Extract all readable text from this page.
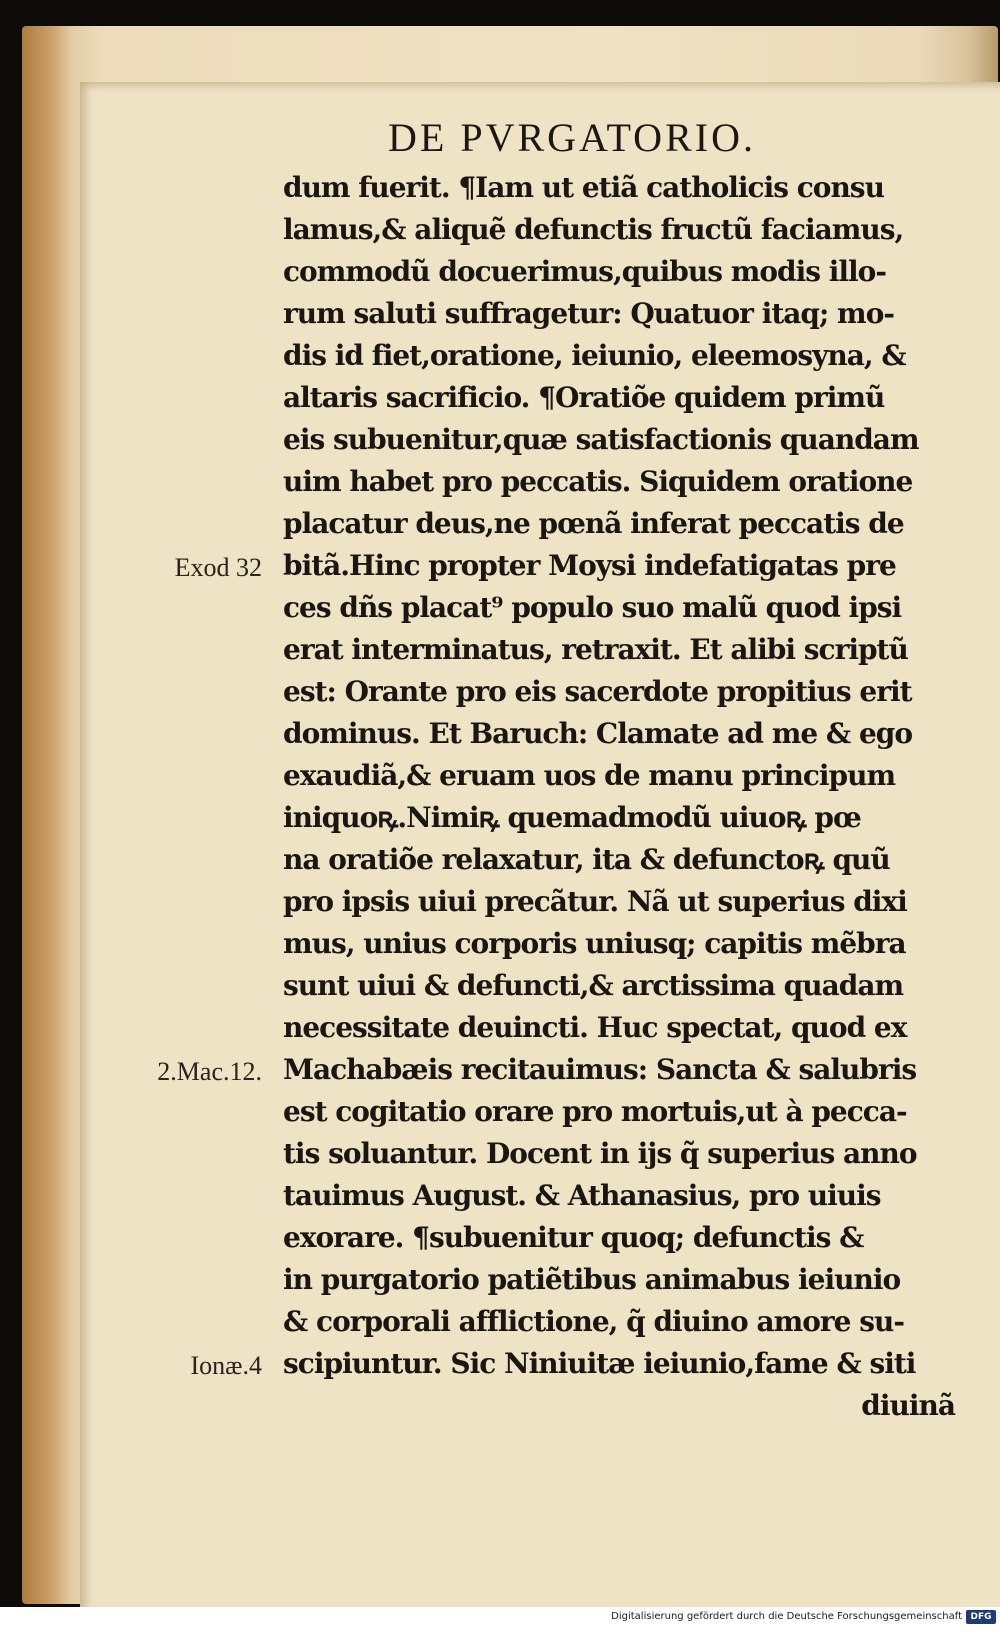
DE PVRGATORIO.
dum fuerit. ¶Iam ut etiã catholicis consu
lamus,& aliquẽ defunctis fructũ faciamus,
commodũ docuerimus,quibus modis illo-
rum saluti suffragetur: Quatuor itaq; mo-
dis id fiet,oratione, ieiunio, eleemosyna, &
altaris sacrificio. ¶Oratiõe quidem primũ
eis subuenitur,quæ satisfactionis quandam
uim habet pro peccatis. Siquidem oratione
placatur deus,ne pœnã inferat peccatis de
bitã.Hinc propter Moysi indefatigatas pre
ces dñs placat⁹ populo suo malũ quod ipsi
erat interminatus, retraxit. Et alibi scriptũ
est: Orante pro eis sacerdote propitius erit
dominus. Et Baruch: Clamate ad me & ego
exaudiã,& eruam uos de manu principum
iniquoꝶ.Nimiꝶ quemadmodũ uiuoꝶ pœ
na oratiõe relaxatur, ita & defunctoꝶ quũ
pro ipsis uiui precãtur. Nã ut superius dixi
mus, unius corporis uniusq; capitis mẽbra
sunt uiui & defuncti,& arctissima quadam
necessitate deuincti. Huc spectat, quod ex
Machabæis recitauimus: Sancta & salubris
est cogitatio orare pro mortuis,ut à pecca-
tis soluantur. Docent in ijs q̃ superius anno
tauimus August. & Athanasius, pro uiuis
exorare. ¶subuenitur quoq; defunctis &
in purgatorio patiẽtibus animabus ieiunio
& corporali afflictione, q̃ diuino amore su-
scipiuntur. Sic Niniuitæ ieiunio,fame & siti
diuinã
Exod 32
2.Mac.12.
Ionæ.4
Digitalisierung gefördert durch die Deutsche Forschungsgemeinschaft DFG
